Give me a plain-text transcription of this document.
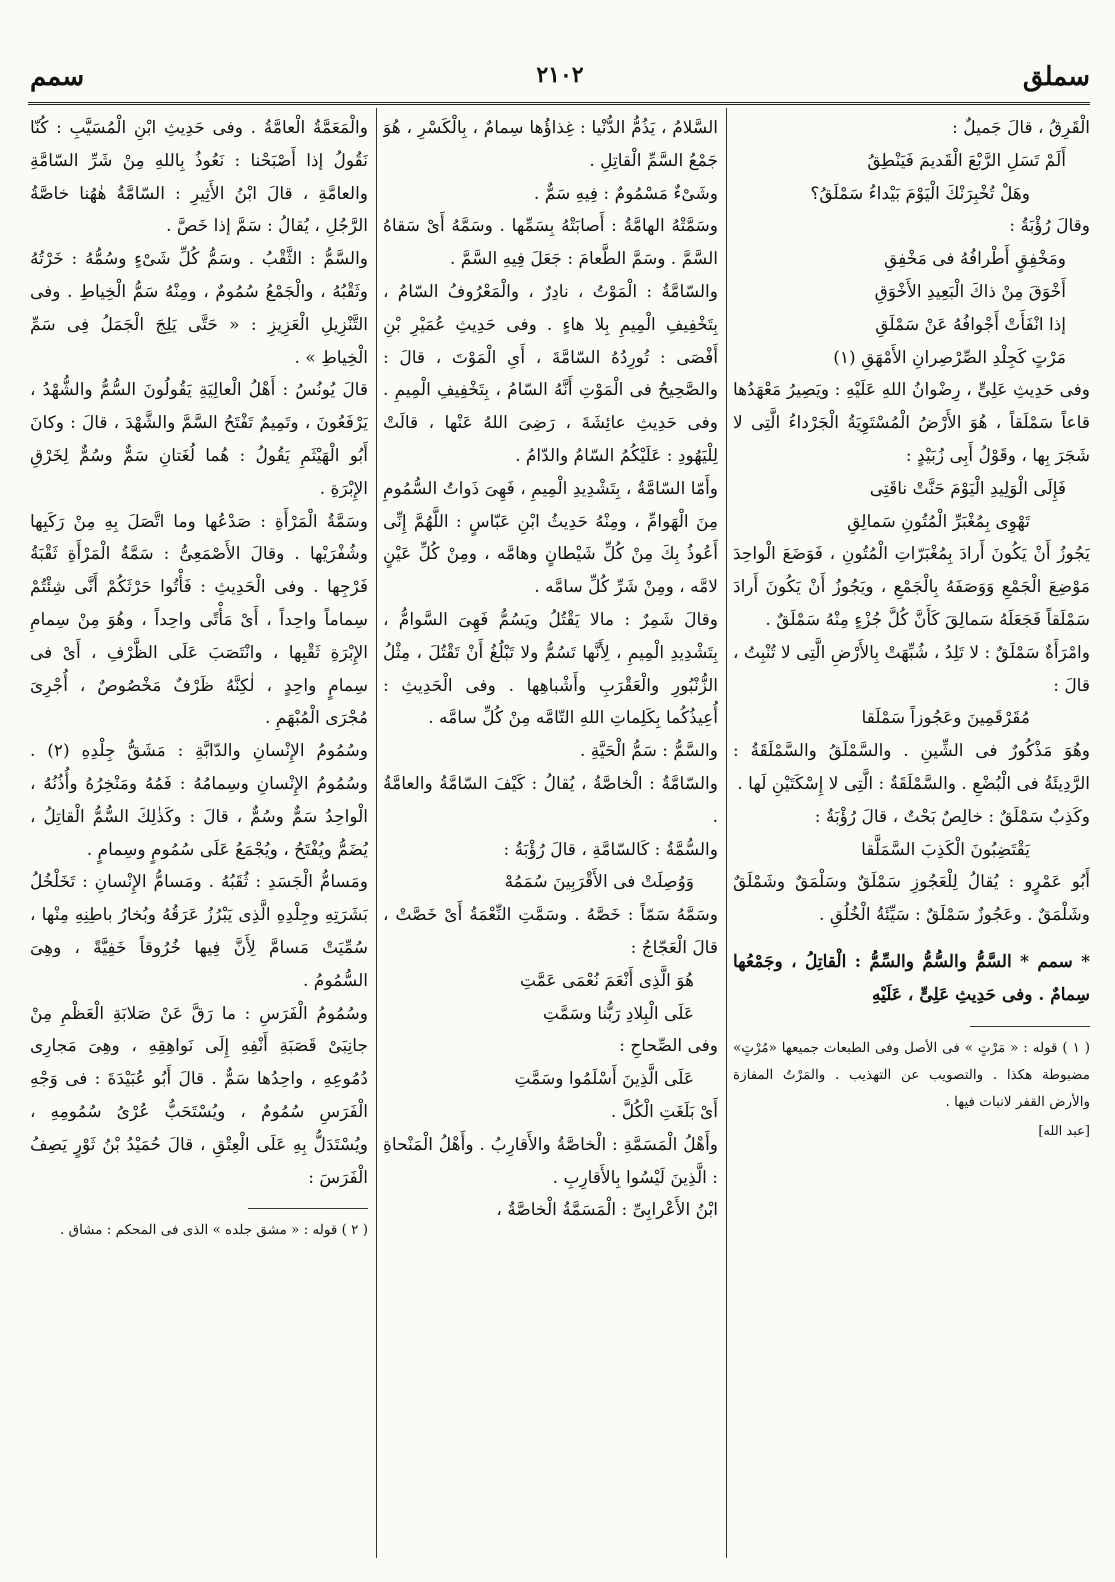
سملق
٢١٠٢
سمم

الْقَرِقُ ، قالَ جَميلٌ :

أَلَمْ تَسَلِ الرَّبْعَ الْقَديمَ فَيَنْطِقُ

وهَلْ تُخْبِرَنْكَ الْيَوْمَ بَيْداءُ سَمْلَقُ؟

وقالَ رُؤْبَةُ :

ومَخْفِقٍ أَطْرافُهُ فى مَخْفِقِ

أَخْوَقَ مِنْ ذاكَ الْبَعِيدِ الأَخْوَقِ

إذا انْفَأَتْ أَجْوافُهُ عَنْ سَمْلَقِ

مَرْتٍ كَجِلْدِ الصِّرْصِرانِ الأَمْهَقِ (١)

وفى حَدِيثِ عَلِىٍّ ، رِضْوانُ اللهِ عَلَيْهِ : ويَصِيرُ مَعْهَدُها قاعاً سَمْلَقاً ، هُوَ الأَرْضُ الْمُسْتَوِيَةُ الْجَرْداءُ الَّتِى لا شَجَرَ بِها ، وقَوْلُ أَبِى زُبَيْدٍ :

فَإِلَى الْوَلِيدِ الْيَوْمَ حَنَّتْ ناقَتِى

تَهْوِى بِمُغْبَرِّ الْمُتُونِ سَمالِقِ

يَجُوزُ أَنْ يَكُونَ أَرادَ بِمُغْبَرّاتِ الْمُتُونِ ، فَوَضَعَ الْواحِدَ مَوْضِعَ الْجَمْعِ وَوَصَفَهُ بِالْجَمْعِ ، ويَجُوزُ أَنْ يَكُونَ أَرادَ سَمْلَقاً فَجَعَلَهُ سَمالِقَ كَأَنَّ كُلَّ جُزْءٍ مِنْهُ سَمْلَقٌ .

وامْرَأَةٌ سَمْلَقٌ : لا تَلِدُ ، شُبِّهَتْ بِالأَرْضِ الَّتِى لا تُنْبِتُ ، قالَ :

مُقَرْقَمِينَ وعَجُوزاً سَمْلَقا

وهُوَ مَذْكُورٌ فى الشِّينِ . والسَّمْلَقُ والسَّمْلَقَةُ : الرَّدِيئَةُ فى الْبُضْعِ . والسَّمْلَقَةُ : الَّتِى لا إِسْكَتَيْنِ لَها .

وكَذِبٌ سَمْلَقٌ : خالِصٌ بَحْتٌ ، قالَ رُؤْبَةُ :

يَقْتَضِبُونَ الْكَذِبَ السَّمَلَّقا

أَبُو عَمْرٍو : يُقالُ لِلْعَجُوزِ سَمْلَقٌ وسَلْمَقٌ وشَمْلَقٌ وشَلْمَقٌ . وعَجُوزٌ سَمْلَقٌ : سَيِّئَةُ الْخُلُقِ .

* سمم * السَّمُّ والسُّمُّ والسِّمُّ : الْقاتِلُ ، وجَمْعُها سِمامٌ . وفى حَدِيثِ عَلِىٍّ ، عَلَيْهِ

( ١ ) قوله : « مَرْتٍ » فى الأصل وفى الطبعات جميعها «مُرْتٍ» مضبوطة هكذا . والتصويب عن التهذيب . والمَرْتُ المفازة والأرض القفر لانبات فيها .

[عبد الله]

السَّلامُ ، يَذُمُّ الدُّنْيا : غِذاؤُها سِمامٌ ، بِالْكَسْرِ ، هُوَ جَمْعُ السَّمِّ الْقاتِلِ .

وشَىْءٌ مَسْمُومٌ : فِيهِ سَمٌّ .

وسَمَّتْهُ الهامَّةُ : أَصابَتْهُ بِسَمِّها . وسَمَّهُ أَىْ سَقاهُ السَّمَّ . وسَمَّ الطَّعامَ : جَعَلَ فِيهِ السَّمَّ .

والسّامَّةُ : الْمَوْتُ ، نادِرٌ ، والْمَعْرُوفُ السّامُ ، بِتَخْفِيفِ الْمِيمِ بِلا هاءٍ . وفى حَدِيثِ عُمَيْرِ بْنِ أَفْصَى : تُورِدُهُ السّامَّةَ ، أَىِ الْمَوْتَ ، قالَ : والصَّحِيحُ فى الْمَوْتِ أَنَّهُ السّامُ ، بِتَخْفِيفِ الْمِيمِ . وفى حَدِيثِ عائِشَةَ ، رَضِىَ اللهُ عَنْها ، قالَتْ لِلْيَهُودِ : عَلَيْكُمُ السّامُ والدّامُ .

وأَمّا السّامَّةُ ، بِتَشْدِيدِ الْمِيمِ ، فَهِىَ ذَواتُ السُّمُومِ مِنَ الْهَوامِّ ، ومِنْهُ حَدِيثُ ابْنِ عَبّاسٍ : اللَّهُمَّ إِنِّى أَعُوذُ بِكَ مِنْ كُلِّ شَيْطانٍ وهامَّه ، ومِنْ كُلِّ عَيْنٍ لامَّه ، ومِنْ شَرِّ كُلِّ سامَّه .

وقالَ شَمِرٌ : مالا يَقْتُلُ ويَسُمُّ فَهِىَ السَّوامُّ ، بِتَشْدِيدِ الْمِيمِ ، لِأَنَّها تَسُمُّ ولا تَبْلُغُ أَنْ تَقْتُلَ ، مِثْلُ الزُّنْبُورِ والْعَقْرَبِ وأَشْباهِها . وفى الْحَدِيثِ : أُعِيذُكُما بِكَلِماتِ اللهِ التّامَّه مِنْ كُلِّ سامَّه .

والسَّمُّ : سَمُّ الْحَيَّةِ .

والسّامَّةُ : الْخاصَّةُ ، يُقالُ : كَيْفَ السّامَّةُ والعامَّةُ .

والسُّمَّةُ : كَالسّامَّةِ ، قالَ رُؤْبَةُ :

وَوُصِلَتْ فى الأَقْرَبِينَ سُمَمُهْ

وسَمَّهُ سَمّاً : خَصَّهُ . وسَمَّتِ النِّعْمَةُ أَىْ خَصَّتْ ، قالَ الْعَجّاجُ :

هُوَ الَّذِى أَنْعَمَ نُعْمَى عَمَّتِ

عَلَى الْبِلادِ رَبُّنا وسَمَّتِ

وفى الصِّحاحِ :

عَلَى الَّذِينَ أَسْلَمُوا وسَمَّتِ

أَىْ بَلَغَتِ الْكُلَّ .

وأَهْلُ الْمَسَمَّةِ : الْخاصَّةُ والأَقارِبُ . وأَهْلُ الْمَنْحاةِ : الَّذِينَ لَيْسُوا بِالأَقارِبِ .

ابْنُ الأَعْرابِىِّ : الْمَسَمَّةُ الْخاصَّةُ ،

والْمَعَمَّةُ الْعامَّةُ . وفى حَدِيثِ ابْنِ الْمُسَيَّبِ : كُنّا نَقُولُ إذا أَصْبَحْنا : نَعُوذُ بِاللهِ مِنْ شَرِّ السّامَّةِ والعامَّةِ ، قالَ ابْنُ الأَثِيرِ : السّامَّةُ هٰهُنا خاصَّةُ الرَّجُلِ ، يُقالُ : سَمَّ إذا خَصَّ .

والسَّمُّ : الثَّقْبُ . وسَمُّ كُلِّ شَىْءٍ وسُمُّهُ : خَرْتُهُ وثَقْبُهُ ، والْجَمْعُ سُمُومٌ ، ومِنْهُ سَمُّ الْخِياطِ . وفى التَّنْزِيلِ الْعَزِيزِ : « حَتَّى يَلِجَ الْجَمَلُ فِى سَمِّ الْخِياطِ » .

قالَ يُونُسُ : أَهْلُ الْعالِيَةِ يَقُولُونَ السُّمُّ والشُّهْدُ ، يَرْفَعُونَ ، وتَمِيمٌ تَفْتَحُ السَّمَّ والشَّهْدَ ، قالَ : وكانَ أَبُو الْهَيْثَمِ يَقُولُ : هُما لُغَتانِ سَمٌّ وسُمٌّ لِخَرْقِ الإِبْرَةِ .

وسَمَّةُ الْمَرْأَةِ : صَدْعُها وما اتَّصَلَ بِهِ مِنْ رَكَبِها وشُفْرَيْها . وقالَ الأَصْمَعِىُّ : سَمَّةُ الْمَرْأَةِ ثَقْبَةُ فَرْجِها . وفى الْحَدِيثِ : فَأْتُوا حَرْثَكُمْ أَنَّى شِئْتُمْ سِماماً واحِداً ، أَىْ مَأْتًى واحِداً ، وهُوَ مِنْ سِمامِ الإِبْرَةِ ثَقْبِها ، وانْتَصَبَ عَلَى الظَّرْفِ ، أَىْ فى سِمامٍ واحِدٍ ، لٰكِنَّهُ ظَرْفٌ مَخْصُوصٌ ، أُجْرِىَ مُجْرَى الْمُبْهَمِ .

وسُمُومُ الإِنْسانِ والدّابَّةِ : مَشَقُّ جِلْدِهِ (٢) . وسُمُومُ الإِنْسانِ وسِمامُهُ : فَمُهُ ومَنْخِرُهُ وأُذُنُهُ ، الْواحِدُ سَمٌّ وسُمٌّ ، قالَ : وكَذٰلِكَ السُّمُّ الْقاتِلُ ، يُضَمُّ ويُفْتَحُ ، ويُجْمَعُ عَلَى سُمُومٍ وسِمامٍ .

ومَسامُّ الْجَسَدِ : ثُقَبُهُ . ومَسامُّ الإِنْسانِ : تَخَلْخُلُ بَشَرَتِهِ وجِلْدِهِ الَّذِى يَبْرُزُ عَرَقُهُ وبُخارُ باطِنِهِ مِنْها ، سُمِّيَتْ مَسامَّ لِأَنَّ فِيها خُرُوقاً خَفِيَّةً ، وهِىَ السُّمُومُ .

وسُمُومُ الْفَرَسِ : ما رَقَّ عَنْ صَلابَةِ الْعَظْمِ مِنْ جانِبَىْ قَصَبَةِ أَنْفِهِ إِلَى نَواهِقِهِ ، وهِىَ مَجارِى دُمُوعِهِ ، واحِدُها سَمٌّ . قالَ أَبُو عُبَيْدَةَ : فى وَجْهِ الْفَرَسِ سُمُومٌ ، ويُسْتَحَبُّ عُرْىُ سُمُومِهِ ، ويُسْتَدَلُّ بِهِ عَلَى الْعِتْقِ ، قالَ حُمَيْدُ بْنُ ثَوْرٍ يَصِفُ الْفَرَسَ :

( ٢ ) قوله : « مشق جلده » الذى فى المحكم : مشاق .
